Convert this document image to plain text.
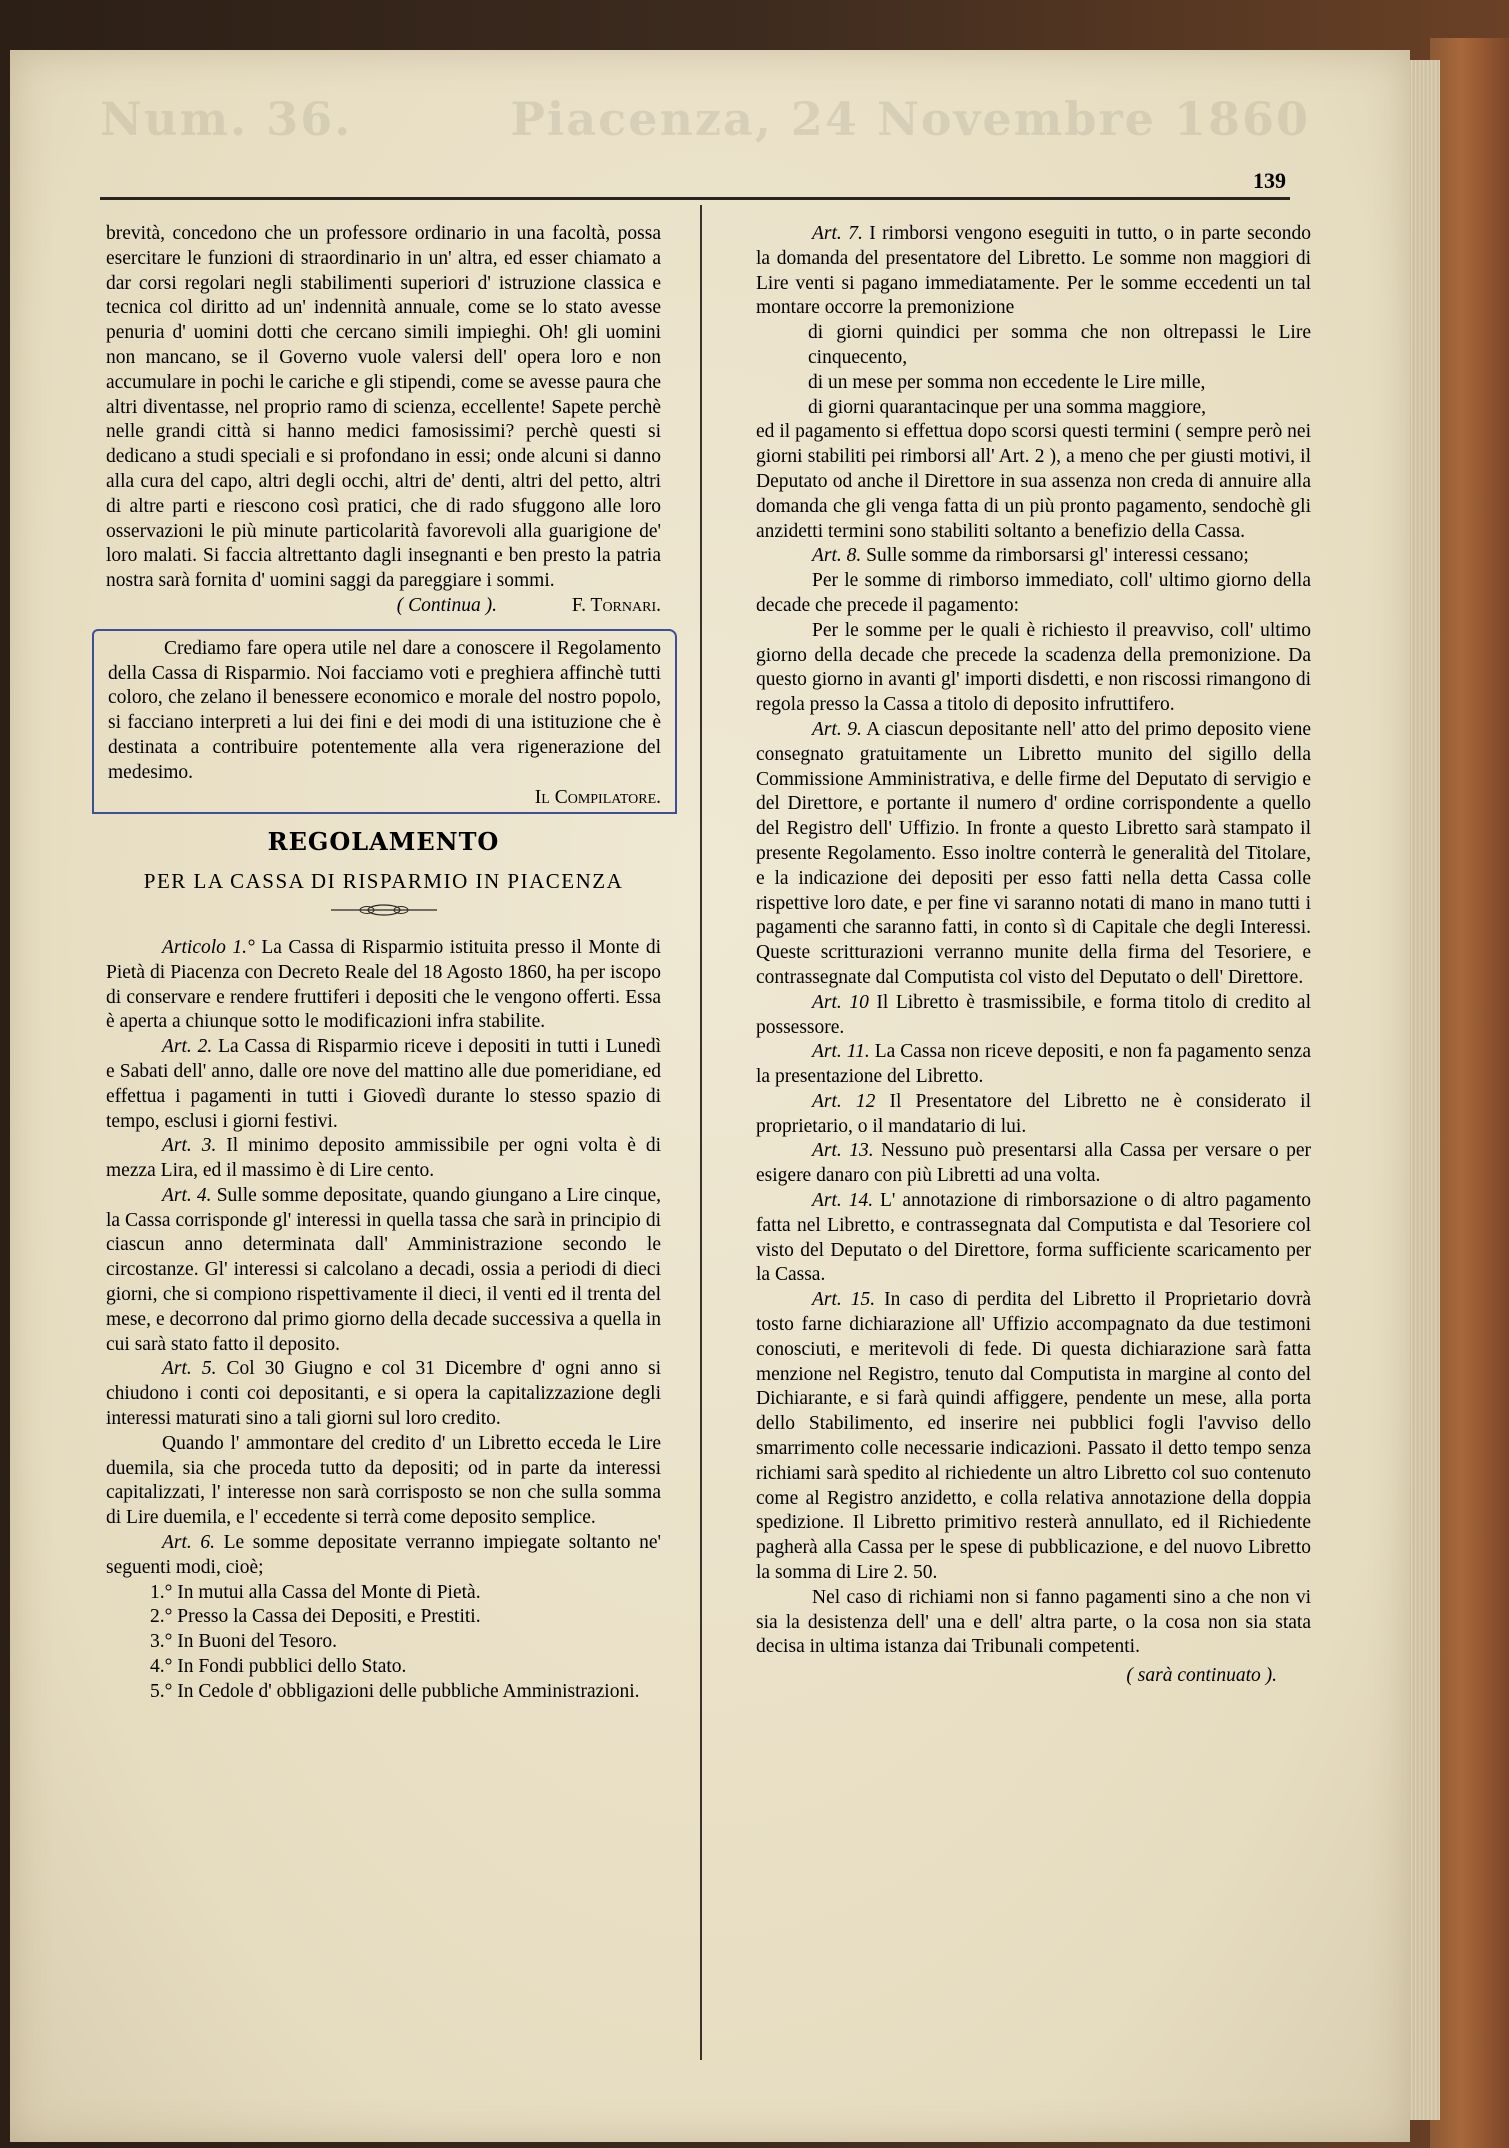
Num. 36.	Piacenza, 24 Novembre 1860
139

brevità, concedono che un professore ordinario in una facoltà, possa esercitare le funzioni di straordinario in un' altra, ed esser chiamato a dar corsi regolari negli stabilimenti superiori d' istruzione classica e tecnica col diritto ad un' indennità annuale, come se lo stato avesse penuria d' uomini dotti che cercano simili impieghi. Oh! gli uomini non mancano, se il Governo vuole valersi dell' opera loro e non accumulare in pochi le cariche e gli stipendi, come se avesse paura che altri diventasse, nel proprio ramo di scienza, eccellente! Sapete perchè nelle grandi città si hanno medici famosissimi? perchè questi si dedicano a studi speciali e si profondano in essi; onde alcuni si danno alla cura del capo, altri degli occhi, altri de' denti, altri del petto, altri di altre parti e riescono così pratici, che di rado sfuggono alle loro osservazioni le più minute particolarità favorevoli alla guarigione de' loro malati. Si faccia altrettanto dagli insegnanti e ben presto la patria nostra sarà fornita d' uomini saggi da pareggiare i sommi.

( Continua ).	F. Tornari.

Crediamo fare opera utile nel dare a conoscere il Regolamento della Cassa di Risparmio. Noi facciamo voti e preghiera affinchè tutti coloro, che zelano il benessere economico e morale del nostro popolo, si facciano interpreti a lui dei fini e dei modi di una istituzione che è destinata a contribuire potentemente alla vera rigenerazione del medesimo.

Il Compilatore.

REGOLAMENTO
PER LA CASSA DI RISPARMIO IN PIACENZA

Articolo 1.° La Cassa di Risparmio istituita presso il Monte di Pietà di Piacenza con Decreto Reale del 18 Agosto 1860, ha per iscopo di conservare e rendere fruttiferi i depositi che le vengono offerti. Essa è aperta a chiunque sotto le modificazioni infra stabilite.

Art. 2. La Cassa di Risparmio riceve i depositi in tutti i Lunedì e Sabati dell' anno, dalle ore nove del mattino alle due pomeridiane, ed effettua i pagamenti in tutti i Giovedì durante lo stesso spazio di tempo, esclusi i giorni festivi.

Art. 3. Il minimo deposito ammissibile per ogni volta è di mezza Lira, ed il massimo è di Lire cento.

Art. 4. Sulle somme depositate, quando giungano a Lire cinque, la Cassa corrisponde gl' interessi in quella tassa che sarà in principio di ciascun anno determinata dall' Amministrazione secondo le circostanze. Gl' interessi si calcolano a decadi, ossia a periodi di dieci giorni, che si compiono rispettivamente il dieci, il venti ed il trenta del mese, e decorrono dal primo giorno della decade successiva a quella in cui sarà stato fatto il deposito.

Art. 5. Col 30 Giugno e col 31 Dicembre d' ogni anno si chiudono i conti coi depositanti, e si opera la capitalizzazione degli interessi maturati sino a tali giorni sul loro credito.

Quando l' ammontare del credito d' un Libretto ecceda le Lire duemila, sia che proceda tutto da depositi; od in parte da interessi capitalizzati, l' interesse non sarà corrisposto se non che sulla somma di Lire duemila, e l' eccedente si terrà come deposito semplice.

Art. 6. Le somme depositate verranno impiegate soltanto ne' seguenti modi, cioè;

1.° In mutui alla Cassa del Monte di Pietà.

2.° Presso la Cassa dei Depositi, e Prestiti.

3.° In Buoni del Tesoro.

4.° In Fondi pubblici dello Stato.

5.° In Cedole d' obbligazioni delle pubbliche Amministrazioni.

Art. 7. I rimborsi vengono eseguiti in tutto, o in parte secondo la domanda del presentatore del Libretto. Le somme non maggiori di Lire venti si pagano immediatamente. Per le somme eccedenti un tal montare occorre la premonizione

di giorni quindici per somma che non oltrepassi le Lire cinquecento,

di un mese per somma non eccedente le Lire mille,

di giorni quarantacinque per una somma maggiore,

ed il pagamento si effettua dopo scorsi questi termini ( sempre però nei giorni stabiliti pei rimborsi all' Art. 2 ), a meno che per giusti motivi, il Deputato od anche il Direttore in sua assenza non creda di annuire alla domanda che gli venga fatta di un più pronto pagamento, sendochè gli anzidetti termini sono stabiliti soltanto a benefizio della Cassa.

Art. 8. Sulle somme da rimborsarsi gl' interessi cessano;

Per le somme di rimborso immediato, coll' ultimo giorno della decade che precede il pagamento:

Per le somme per le quali è richiesto il preavviso, coll' ultimo giorno della decade che precede la scadenza della premonizione. Da questo giorno in avanti gl' importi disdetti, e non riscossi rimangono di regola presso la Cassa a titolo di deposito infruttifero.

Art. 9. A ciascun depositante nell' atto del primo deposito viene consegnato gratuitamente un Libretto munito del sigillo della Commissione Amministrativa, e delle firme del Deputato di servigio e del Direttore, e portante il numero d' ordine corrispondente a quello del Registro dell' Uffizio. In fronte a questo Libretto sarà stampato il presente Regolamento. Esso inoltre conterrà le generalità del Titolare, e la indicazione dei depositi per esso fatti nella detta Cassa colle rispettive loro date, e per fine vi saranno notati di mano in mano tutti i pagamenti che saranno fatti, in conto sì di Capitale che degli Interessi. Queste scritturazioni verranno munite della firma del Tesoriere, e contrassegnate dal Computista col visto del Deputato o dell' Direttore.

Art. 10 Il Libretto è trasmissibile, e forma titolo di credito al possessore.

Art. 11. La Cassa non riceve depositi, e non fa pagamento senza la presentazione del Libretto.

Art. 12 Il Presentatore del Libretto ne è considerato il proprietario, o il mandatario di lui.

Art. 13. Nessuno può presentarsi alla Cassa per versare o per esigere danaro con più Libretti ad una volta.

Art. 14. L' annotazione di rimborsazione o di altro pagamento fatta nel Libretto, e contrassegnata dal Computista e dal Tesoriere col visto del Deputato o del Direttore, forma sufficiente scaricamento per la Cassa.

Art. 15. In caso di perdita del Libretto il Proprietario dovrà tosto farne dichiarazione all' Uffizio accompagnato da due testimoni conosciuti, e meritevoli di fede. Di questa dichiarazione sarà fatta menzione nel Registro, tenuto dal Computista in margine al conto del Dichiarante, e si farà quindi affiggere, pendente un mese, alla porta dello Stabilimento, ed inserire nei pubblici fogli l'avviso dello smarrimento colle necessarie indicazioni. Passato il detto tempo senza richiami sarà spedito al richiedente un altro Libretto col suo contenuto come al Registro anzidetto, e colla relativa annotazione della doppia spedizione. Il Libretto primitivo resterà annullato, ed il Richiedente pagherà alla Cassa per le spese di pubblicazione, e del nuovo Libretto la somma di Lire 2. 50.

Nel caso di richiami non si fanno pagamenti sino a che non vi sia la desistenza dell' una e dell' altra parte, o la cosa non sia stata decisa in ultima istanza dai Tribunali competenti.

( sarà continuato ).
